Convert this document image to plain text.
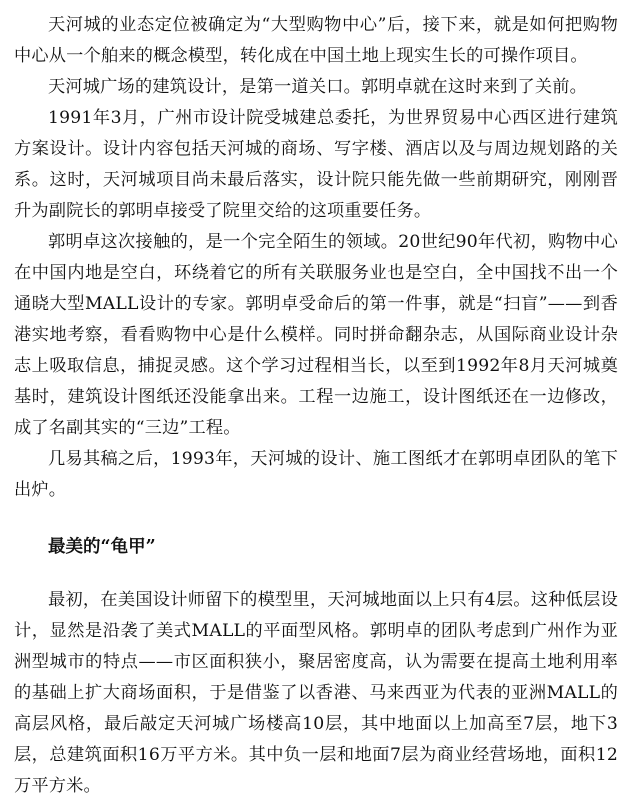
天河城的业态定位被确定为“大型购物中心”后，接下来，就是如何把购物中心从一个舶来的概念模型，转化成在中国土地上现实生长的可操作项目。

天河城广场的建筑设计，是第一道关口。郭明卓就在这时来到了关前。

1991年3月，广州市设计院受城建总委托，为世界贸易中心西区进行建筑方案设计。设计内容包括天河城的商场、写字楼、酒店以及与周边规划路的关系。这时，天河城项目尚未最后落实，设计院只能先做一些前期研究，刚刚晋升为副院长的郭明卓接受了院里交给的这项重要任务。

郭明卓这次接触的，是一个完全陌生的领域。20世纪90年代初，购物中心在中国内地是空白，环绕着它的所有关联服务业也是空白，全中国找不出一个通晓大型MALL设计的专家。郭明卓受命后的第一件事，就是“扫盲”——到香港实地考察，看看购物中心是什么模样。同时拼命翻杂志，从国际商业设计杂志上吸取信息，捕捉灵感。这个学习过程相当长，以至到1992年8月天河城奠基时，建筑设计图纸还没能拿出来。工程一边施工，设计图纸还在一边修改，成了名副其实的“三边”工程。

几易其稿之后，1993年，天河城的设计、施工图纸才在郭明卓团队的笔下出炉。

最美的“龟甲”

最初，在美国设计师留下的模型里，天河城地面以上只有4层。这种低层设计，显然是沿袭了美式MALL的平面型风格。郭明卓的团队考虑到广州作为亚洲型城市的特点——市区面积狭小，聚居密度高，认为需要在提高土地利用率的基础上扩大商场面积，于是借鉴了以香港、马来西亚为代表的亚洲MALL的高层风格，最后敲定天河城广场楼高10层，其中地面以上加高至7层，地下3层，总建筑面积16万平方米。其中负一层和地面7层为商业经营场地，面积12万平方米。
